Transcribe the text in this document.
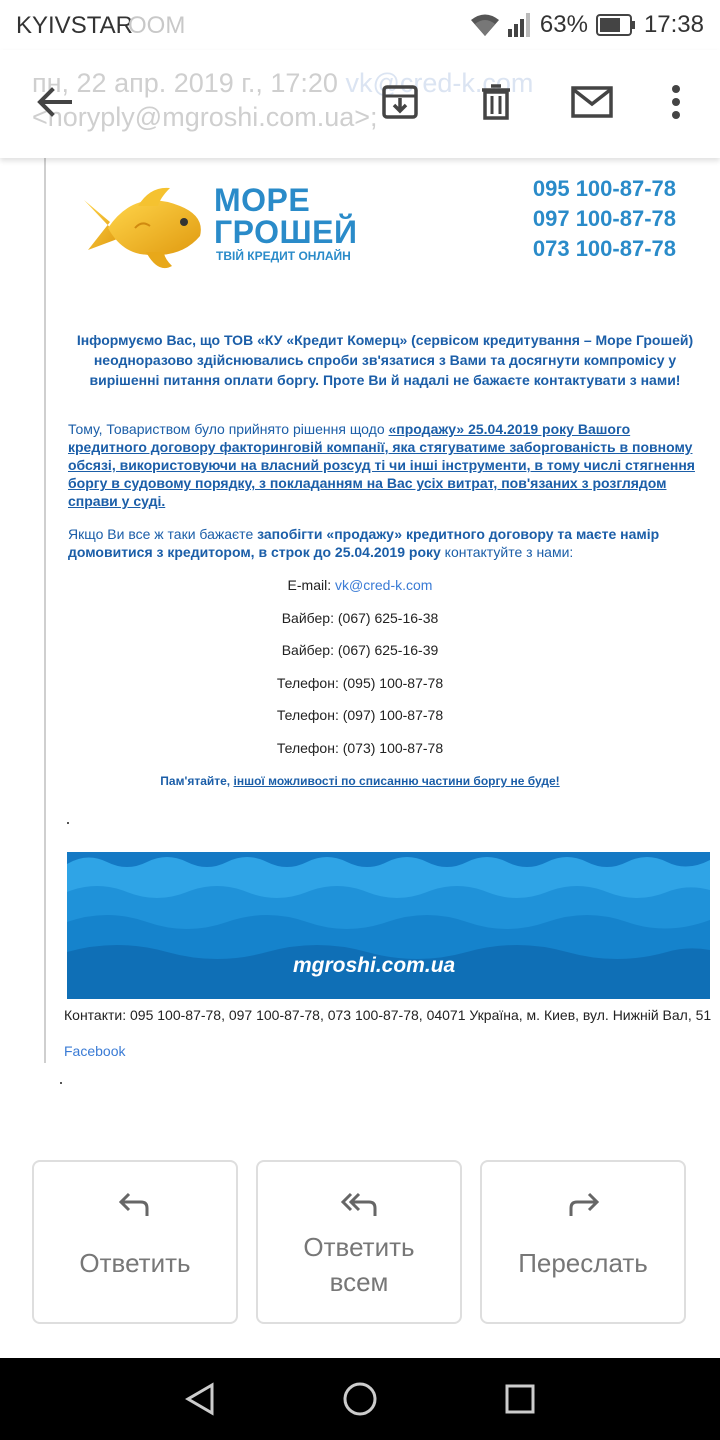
KYIVSTAR
ООМ	63% 17:38
пн, 22 апр. 2019 г., 17:20 vk@cred-k.com
<noryply@mgroshi.com.ua>;
МОРЕ
ГРОШЕЙ
ТВІЙ КРЕДИТ ОНЛАЙН
095 100-87-78
097 100-87-78
073 100-87-78
Інформуємо Вас, що ТОВ «КУ «Кредит Комерц» (сервісом кредитування – Море Грошей) неодноразово здійснювались спроби зв'язатися з Вами та досягнути компромісу у вирішенні питання оплати боргу. Проте Ви й надалі не бажаєте контактувати з нами!
Тому, Товариством було прийнято рішення щодо «продажу» 25.04.2019 року Вашого кредитного договору факторинговій компанії, яка стягуватиме заборгованість в повному обсязі, використовуючи на власний розсуд ті чи інші інструменти, в тому числі стягнення боргу в судовому порядку, з покладанням на Вас усіх витрат, пов'язаних з розглядом справи у суді.
Якщо Ви все ж таки бажаєте запобігти «продажу» кредитного договору та маєте намір домовитися з кредитором, в строк до 25.04.2019 року контактуйте з нами:
E-mail: vk@cred-k.com
Вайбер: (067) 625-16-38
Вайбер: (067) 625-16-39
Телефон: (095) 100-87-78
Телефон: (097) 100-87-78
Телефон: (073) 100-87-78
Пам'ятайте, іншої можливості по списанню частини боргу не буде!
mgroshi.com.ua
Контакти: 095 100-87-78, 097 100-87-78, 073 100-87-78, 04071 Україна, м. Киев, вул. Нижній Вал, 51
Facebook
Ответить
Ответить
всем
Переслать
